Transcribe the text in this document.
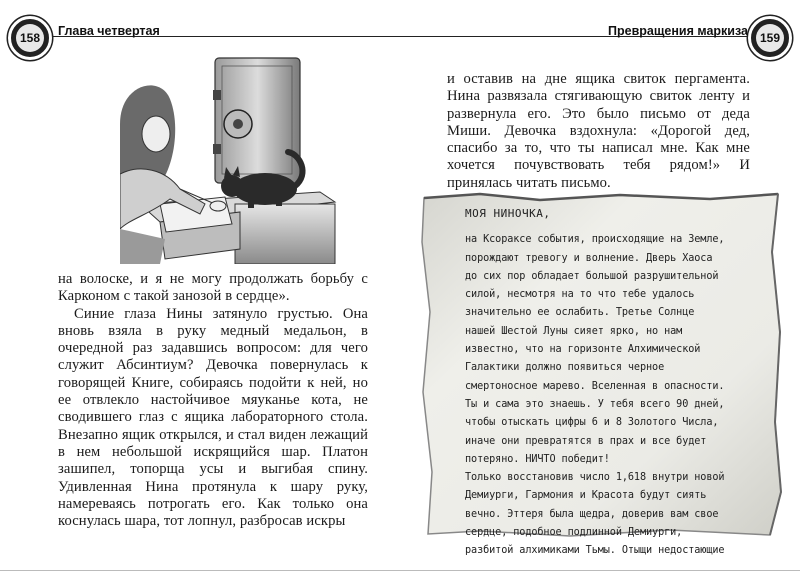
158	Глава четвертая

на волоске, и я не могу продолжать борьбу с Карконом с такой занозой в сердце».

Синие глаза Нины затянуло грустью. Она вновь взяла в руку медный медальон, в очередной раз задавшись вопросом: для чего служит Абсинтиум? Девочка повернулась к говорящей Книге, собираясь подойти к ней, но ее отвлекло настойчивое мяуканье кота, не сводившего глаз с ящика лабораторного стола. Внезапно ящик открылся, и стал виден лежащий в нем небольшой искрящийся шар. Платон зашипел, топорща усы и выгибая спину. Удивленная Нина протянула к шару руку, намереваясь потрогать его. Как только она коснулась шара, тот лопнул, разбросав искры

159
Превращения маркиза

и оставив на дне ящика свиток пергамента. Нина развязала стягивающую свиток ленту и развернула его. Это было письмо от деда Миши. Девочка вздохнула: «Дорогой дед, спасибо за то, что ты написал мне. Как мне хочется почувствовать тебя рядом!» И принялась читать письмо.

МОЯ НИНОЧКА,

на Ксораксе события, происходящие на Земле, порождают тревогу и волнение. Дверь Хаоса до сих пор обладает большой разрушительной силой, несмотря на то что тебе удалось значительно ее ослабить. Третье Солнце нашей Шестой Луны сияет ярко, но нам известно, что на горизонте Алхимической Галактики должно появиться черное смертоносное марево. Вселенная в опасности. Ты и сама это знаешь. У тебя всего 90 дней, чтобы отыскать цифры 6 и 8 Золотого Числа, иначе они превратятся в прах и все будет потеряно. НИЧТО победит!

Только восстановив число 1,618 внутри новой Демиурги, Гармония и Красота будут сиять вечно. Эттеря была щедра, доверив вам свое сердце, подобное подлинной Демиурги, разбитой алхимиками Тьмы. Отыщи недостающие
